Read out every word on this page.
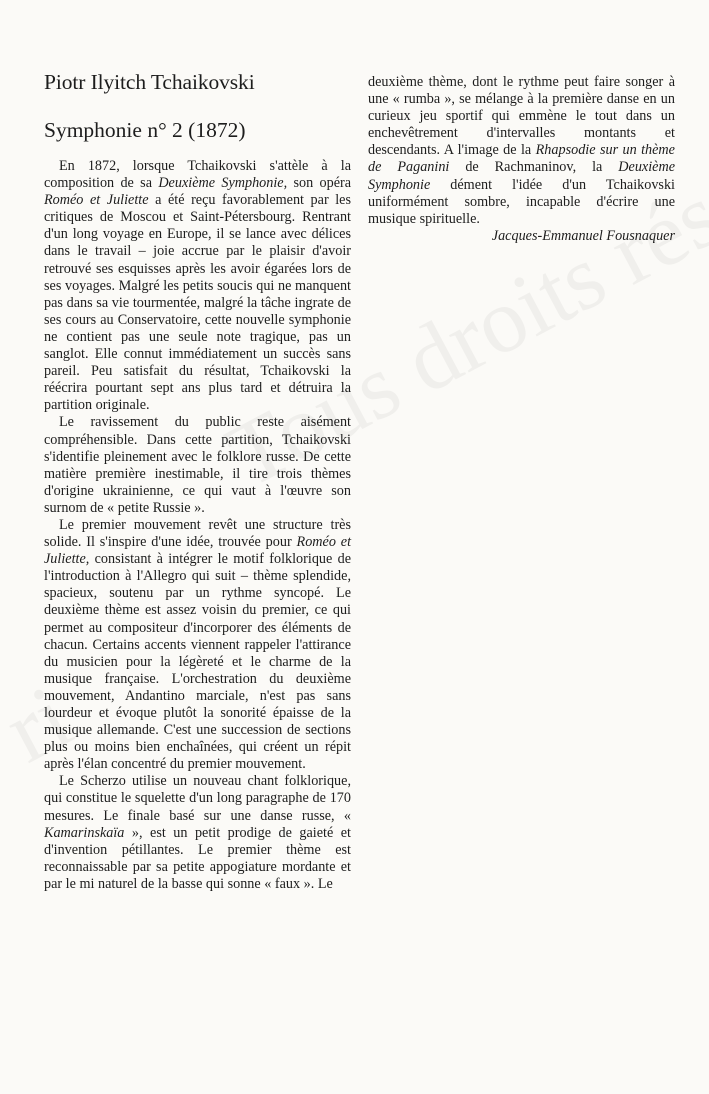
Piotr Ilyitch Tchaikovski
Symphonie n° 2 (1872)

En 1872, lorsque Tchaikovski s'attèle à la composition de sa Deuxième Symphonie, son opéra Roméo et Juliette a été reçu favorablement par les critiques de Moscou et Saint-Pétersbourg. Rentrant d'un long voyage en Europe, il se lance avec délices dans le travail – joie accrue par le plaisir d'avoir retrouvé ses esquisses après les avoir égarées lors de ses voyages. Malgré les petits soucis qui ne manquent pas dans sa vie tourmentée, malgré la tâche ingrate de ses cours au Conservatoire, cette nouvelle symphonie ne contient pas une seule note tragique, pas un sanglot. Elle connut immédiatement un succès sans pareil. Peu satisfait du résultat, Tchaikovski la réécrira pourtant sept ans plus tard et détruira la partition originale.

Le ravissement du public reste aisément compréhensible. Dans cette partition, Tchaikovski s'identifie pleinement avec le folklore russe. De cette matière première inestimable, il tire trois thèmes d'origine ukrainienne, ce qui vaut à l'œuvre son surnom de « petite Russie ».

Le premier mouvement revêt une structure très solide. Il s'inspire d'une idée, trouvée pour Roméo et Juliette, consistant à intégrer le motif folklorique de l'introduction à l'Allegro qui suit – thème splendide, spacieux, soutenu par un rythme syncopé. Le deuxième thème est assez voisin du premier, ce qui permet au compositeur d'incorporer des éléments de chacun. Certains accents viennent rappeler l'attirance du musicien pour la légèreté et le charme de la musique française. L'orchestration du deuxième mouvement, Andantino marciale, n'est pas sans lourdeur et évoque plutôt la sonorité épaisse de la musique allemande. C'est une succession de sections plus ou moins bien enchaînées, qui créent un répit après l'élan concentré du premier mouvement.

Le Scherzo utilise un nouveau chant folklorique, qui constitue le squelette d'un long paragraphe de 170 mesures. Le finale basé sur une danse russe, « Kamarinskaïa », est un petit prodige de gaieté et d'invention pétillantes. Le premier thème est reconnaissable par sa petite appogiature mordante et par le mi naturel de la basse qui sonne « faux ». Le

deuxième thème, dont le rythme peut faire songer à une « rumba », se mélange à la première danse en un curieux jeu sportif qui emmène le tout dans un enchevêtrement d'intervalles montants et descendants. A l'image de la Rhapsodie sur un thème de Paganini de Rachmaninov, la Deuxième Symphonie dément l'idée d'un Tchaikovski uniformément sombre, incapable d'écrire une musique spirituelle.

Jacques-Emmanuel Fousnaquer
